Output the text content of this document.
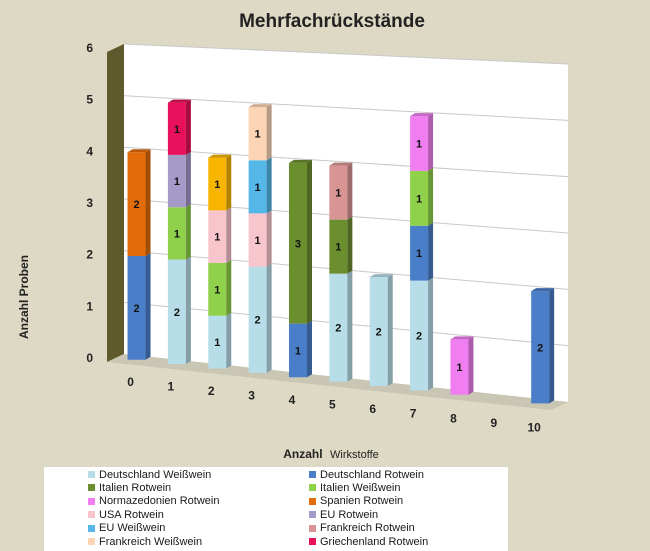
2
2
2
1
1
1
1
1
1
1
2
1
1
1
1
3
2
1
1
2	2
1
1
1
1
2
0
1
2
3
4
5
6
0	1	2	3	4	5	6	7	8	9	10
Mehrfachrückstände
Anzahl Proben
Anzahl Wirkstoffe
Deutschland Weißwein	Deutschland Rotwein
Italien Rotwein	Italien Weißwein
Normazedonien Rotwein	Spanien Rotwein
USA Rotwein	EU Rotwein
EU Weißwein	Frankreich Rotwein
Frankreich Weißwein	Griechenland Rotwein
